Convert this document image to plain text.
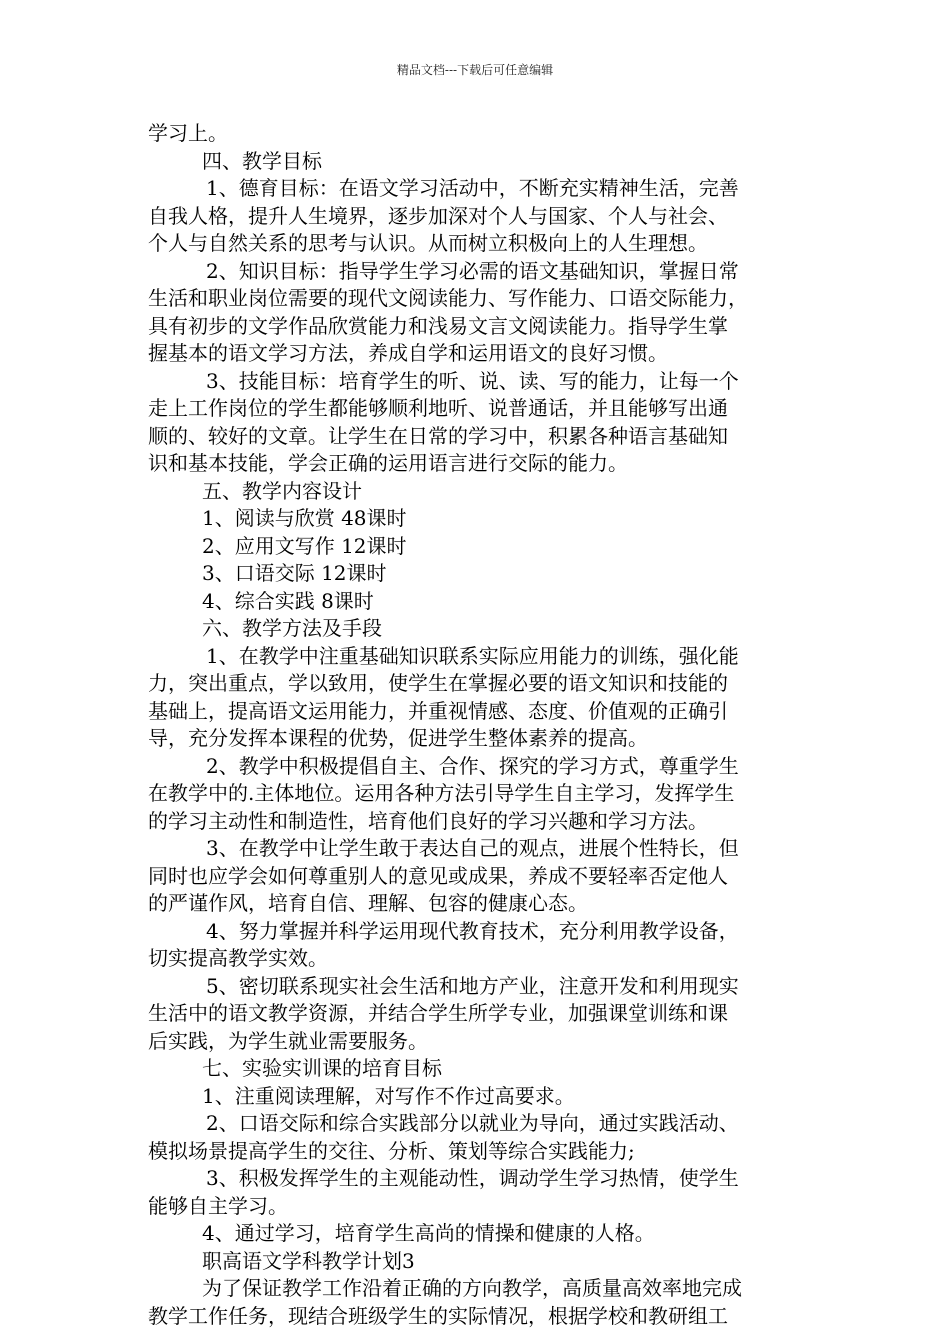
精品文档---下载后可任意编辑
学习上。
四、教学目标
1、德育目标：在语文学习活动中，不断充实精神生活，完善
自我人格，提升人生境界，逐步加深对个人与国家、个人与社会、
个人与自然关系的思考与认识。从而树立积极向上的人生理想。
2、知识目标：指导学生学习必需的语文基础知识，掌握日常
生活和职业岗位需要的现代文阅读能力、写作能力、口语交际能力，
具有初步的文学作品欣赏能力和浅易文言文阅读能力。指导学生掌
握基本的语文学习方法，养成自学和运用语文的良好习惯。
3、技能目标：培育学生的听、说、读、写的能力，让每一个
走上工作岗位的学生都能够顺利地听、说普通话，并且能够写出通
顺的、较好的文章。让学生在日常的学习中，积累各种语言基础知
识和基本技能，学会正确的运用语言进行交际的能力。
五、教学内容设计
1、阅读与欣赏 48课时
2、应用文写作 12课时
3、口语交际 12课时
4、综合实践 8课时
六、教学方法及手段
1、在教学中注重基础知识联系实际应用能力的训练，强化能
力，突出重点，学以致用，使学生在掌握必要的语文知识和技能的
基础上，提高语文运用能力，并重视情感、态度、价值观的正确引
导，充分发挥本课程的优势，促进学生整体素养的提高。
2、教学中积极提倡自主、合作、探究的学习方式，尊重学生
在教学中的.主体地位。运用各种方法引导学生自主学习，发挥学生
的学习主动性和制造性，培育他们良好的学习兴趣和学习方法。
3、在教学中让学生敢于表达自己的观点，进展个性特长，但
同时也应学会如何尊重别人的意见或成果，养成不要轻率否定他人
的严谨作风，培育自信、理解、包容的健康心态。
4、努力掌握并科学运用现代教育技术，充分利用教学设备，
切实提高教学实效。
5、密切联系现实社会生活和地方产业，注意开发和利用现实
生活中的语文教学资源，并结合学生所学专业，加强课堂训练和课
后实践，为学生就业需要服务。
七、实验实训课的培育目标
1、注重阅读理解，对写作不作过高要求。
2、口语交际和综合实践部分以就业为导向，通过实践活动、
模拟场景提高学生的交往、分析、策划等综合实践能力;
3、积极发挥学生的主观能动性，调动学生学习热情，使学生
能够自主学习。
4、通过学习，培育学生高尚的情操和健康的人格。
职高语文学科教学计划3
为了保证教学工作沿着正确的方向教学，高质量高效率地完成
教学工作任务，现结合班级学生的实际情况，根据学校和教研组工
